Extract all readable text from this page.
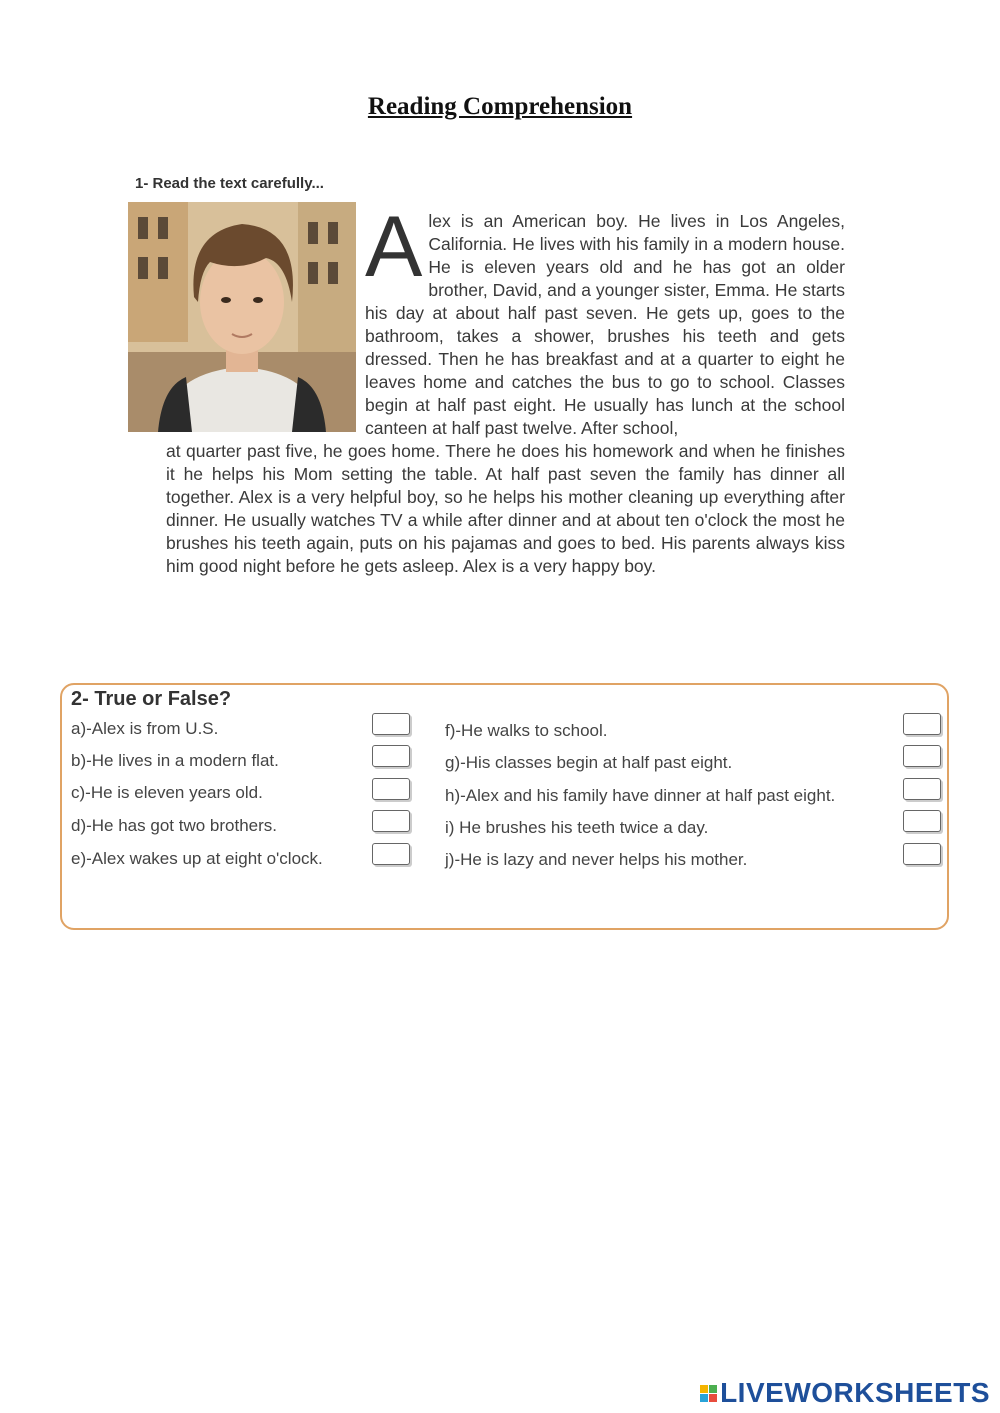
Reading Comprehension
1- Read the text carefully...
A lex is an American boy. He lives in Los Angeles, California. He lives with his family in a modern house. He is eleven years old and he has got an older brother, David, and a younger sister, Emma. He starts his day at about half past seven. He gets up, goes to the bathroom, takes a shower, brushes his teeth and gets dressed. Then he has breakfast and at a quarter to eight he leaves home and catches the bus to go to school. Classes begin at half past eight. He usually has lunch at the school canteen at half past twelve. After school,

at quarter past five, he goes home. There he does his homework and when he finishes it he helps his Mom setting the table. At half past seven the family has dinner all together. Alex is a very helpful boy, so he helps his mother cleaning up everything after dinner. He usually watches TV a while after dinner and at about ten o'clock the most he brushes his teeth again, puts on his pajamas and goes to bed. His parents always kiss him good night before he gets asleep. Alex is a very happy boy.
2- True or False?
a)-Alex is from U.S.
b)-He lives in a modern flat.
c)-He is eleven years old.
d)-He has got two brothers.
e)-Alex wakes up at eight o'clock.
f)-He walks to school.
g)-His classes begin at half past eight.
h)-Alex and his family have dinner at half past eight.
i) He brushes his teeth twice a day.
j)-He is lazy and never helps his mother.
LIVEWORKSHEETS
